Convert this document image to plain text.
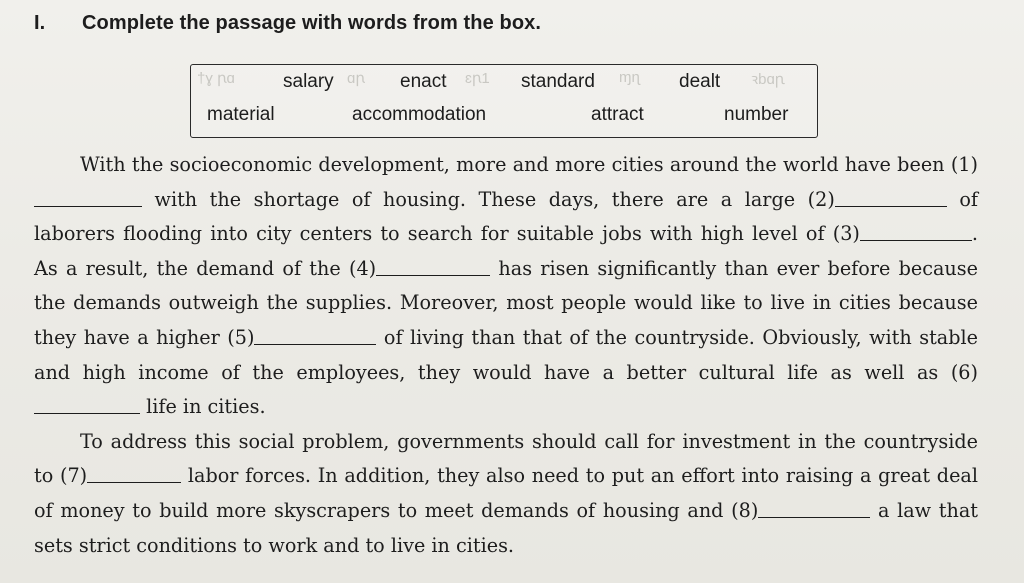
I. Complete the passage with words from the box.
†ɣ ꞃɑ	ɑꞃ	ɛꞃ1	ɱɳ	ꝛbɑꞃ
salary	enact	standard	dealt
material	accommodation	attract	number

With the socioeconomic development, more and more cities around the world have been (1) with the shortage of housing. These days, there are a large (2)	of laborers flooding into city centers to search for suitable jobs with high level of (3)	. As a result, the demand of the (4)	has risen significantly than ever before because the demands outweigh the supplies. Moreover, most people would like to live in cities because they have a higher (5)	of living than that of the countryside. Obviously, with stable and high income of the employees, they would have a better cultural life as well as (6) life in cities.

To address this social problem, governments should call for investment in the countryside to (7)	labor forces. In addition, they also need to put an effort into raising a great deal of money to build more skyscrapers to meet demands of housing and (8)	a law that sets strict conditions to work and to live in cities.
